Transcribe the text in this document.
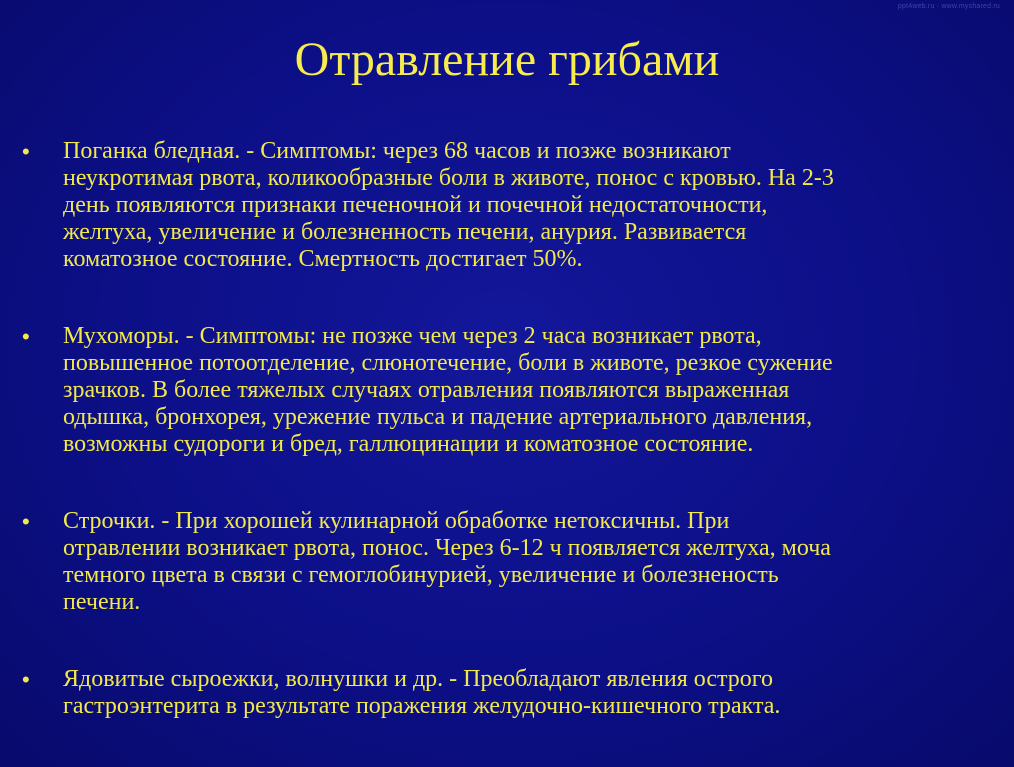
ppt4web.ru · www.myshared.ru
Отравление грибами
• Поганка бледная. - Симптомы: через 68 часов и позже возникают
неукротимая рвота, коликообразные боли в животе, понос с кровью. На 2-3
день появляются признаки печеночной и почечной недостаточности,
желтуха, увеличение и болезненность печени, анурия. Развивается
коматозное состояние. Смертность достигает 50%.
• Мухоморы. - Симптомы: не позже чем через 2 часа возникает рвота,
повышенное потоотделение, слюнотечение, боли в животе, резкое сужение
зрачков. В более тяжелых случаях отравления появляются выраженная
одышка, бронхорея, урежение пульса и падение артериального давления,
возможны судороги и бред, галлюцинации и коматозное состояние.
• Строчки. - При хорошей кулинарной обработке нетоксичны. При
отравлении возникает рвота, понос. Через 6-12 ч появляется желтуха, моча
темного цвета в связи с гемоглобинурией, увеличение и болезненость
печени.
• Ядовитые сыроежки, волнушки и др. - Преобладают явления острого
гастроэнтерита в результате поражения желудочно-кишечного тракта.
